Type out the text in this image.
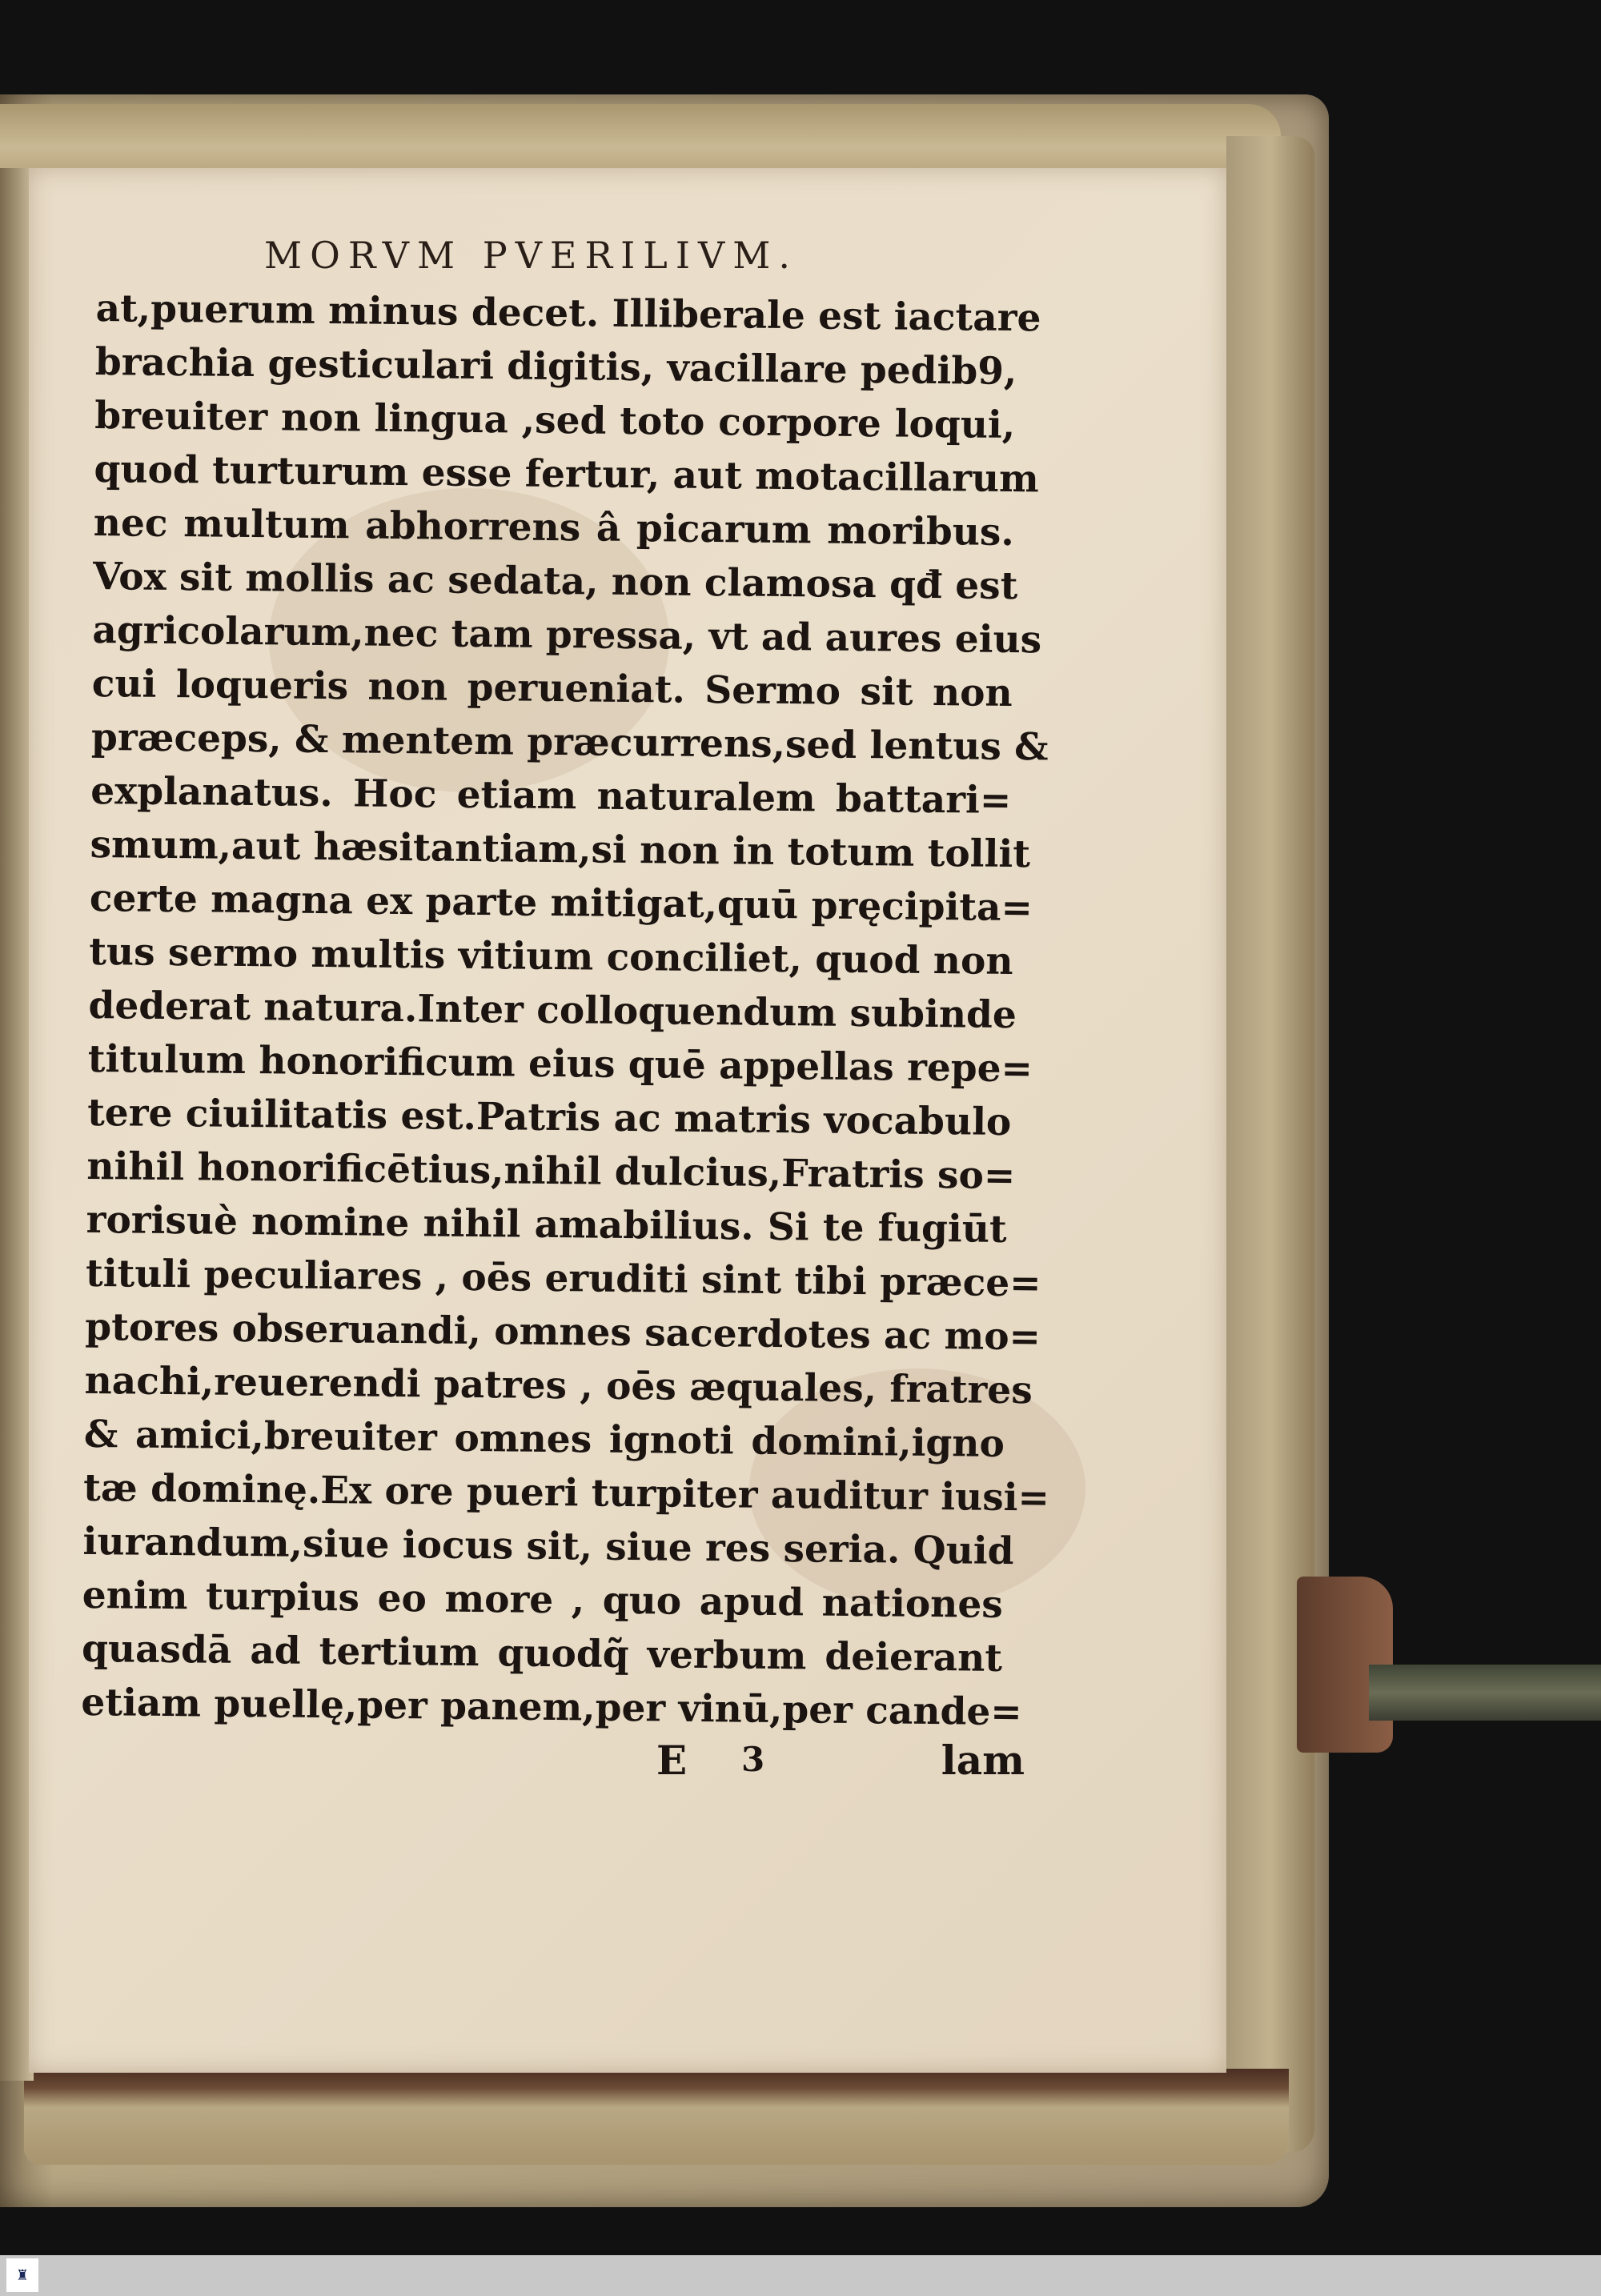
MORVM PVERILIVM.
at,puerum minus decet. Illiberale est iactare
brachia gesticulari digitis, vacillare pedib9,
breuiter non lingua ,sed toto corpore loqui,
quod turturum esse fertur, aut motacillarum
nec multum abhorrens â picarum moribus.
Vox sit mollis ac sedata, non clamosa qđ est
agricolarum,nec tam pressa, vt ad aures eius
cui loqueris non perueniat. Sermo sit non
præceps, & mentem præcurrens,sed lentus &
explanatus. Hoc etiam naturalem battari=
smum,aut hæsitantiam,si non in totum tollit
certe magna ex parte mitigat,quū pręcipita=
tus sermo multis vitium conciliet, quod non
dederat natura.Inter colloquendum subinde
titulum honorificum eius quē appellas repe=
tere ciuilitatis est.Patris ac matris vocabulo
nihil honorificētius,nihil dulcius,Fratris so=
rorisuè nomine nihil amabilius. Si te fugiūt
tituli peculiares , oēs eruditi sint tibi præce=
ptores obseruandi, omnes sacerdotes ac mo=
nachi,reuerendi patres , oēs æquales, fratres
& amici,breuiter omnes ignoti domini,igno
tæ dominę.Ex ore pueri turpiter auditur iusi=
iurandum,siue iocus sit, siue res seria. Quid
enim turpius eo more , quo apud nationes
quasdā ad tertium quodq̃ verbum deierant
etiam puellę,per panem,per vinū,per cande=
E 3	lam
♜
